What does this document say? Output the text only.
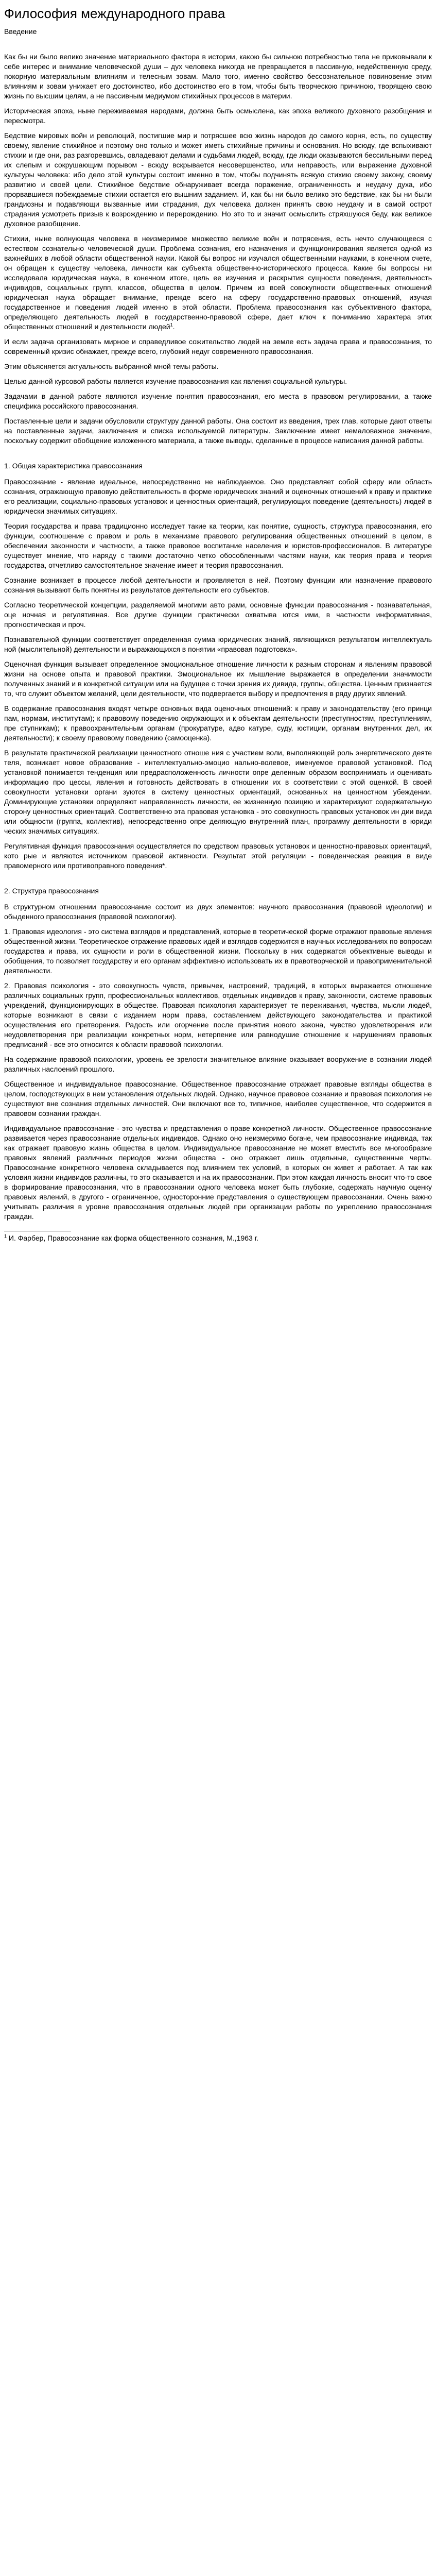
Философия международного права
Введение

Как бы ни было велико значение материального фактора в истории, какою бы сильною потребностью тела не приковывали к себе интерес и внимание человеческой души – дух человека никогда не превращается в пассивную, недейственную среду, покорную материальным влияниям и телесным зовам. Мало того, именно свойство бессознательное повиновение этим влияниям и зовам унижает его достоинство, ибо достоинство его в том, чтобы быть творческою причиною, творящею свою жизнь по высшим целям, а не пассивным медиумом стихийных процессов в материи.

Историческая эпоха, ныне переживаемая народами, должна быть осмыслена, как эпоха великого духовного разобщения и пересмотра.

Бедствие мировых войн и революций, постигшие мир и потрясшее всю жизнь народов до самого корня, есть, по существу своему, явление стихийное и поэтому оно только и может иметь стихийные причины и основания. Но всюду, где вспыхивают стихии и где они, раз разгоревшись, овладевают делами и судьбами людей, всюду, где люди оказываются бессильными перед их слепым и сокрушающим порывом - всюду вскрывается несовершенство, или неправость, или выражение духовной культуры человека: ибо дело этой культуры состоит именно в том, чтобы подчинять всякую стихию своему закону, своему развитию и своей цели. Стихийное бедствие обнаруживает всегда поражение, ограниченность и неудачу духа, ибо прорвавшиеся побеждаемые стихии остается его вышним заданием. И, как бы ни было велико это бедствие, как бы ни были грандиозны и подавляющи вызванные ими страдания, дух человека должен принять свою неудачу и в самой острот страдания усмотреть призыв к возрождению и перерождению. Но это то и значит осмыслить стряхшуюся беду, как великое духовное разобщение.

Стихии, ныне волнующая человека в неизмеримое множество великие войн и потрясения, есть нечто случающееся с естеством сознательно человеческой души. Проблема сознания, его назначения и функционирования является одной из важнейших в любой области общественной науки. Какой бы вопрос ни изучался общественными науками, в конечном счете, он обращен к существу человека, личности как субъекта общественно-исторического процесса. Какие бы вопросы ни исследовала юридическая наука, в конечном итоге, цель ее изучения и раскрытия сущности поведения, деятельность индивидов, социальных групп, классов, общества в целом. Причем из всей совокупности общественных отношений юридическая наука обращает внимание, прежде всего на сферу государственно-правовых отношений, изучая государственное и поведения людей именно в этой области. Проблема правосознания как субъективного фактора, определяющего деятельность людей в государственно-правовой сфере, дает ключ к пониманию характера этих общественных отношений и деятельности людей$^1$.

И если задача организовать мирное и справедливое сожительство людей на земле есть задача права и правосознания, то современный кризис обнажает, прежде всего, глубокий недуг современного правосознания.

Этим объясняется актуальность выбранной мной темы работы.

Целью данной курсовой работы является изучение правосознания как явления социальной культуры.

Задачами в данной работе являются изучение понятия правосознания, его места в правовом регулировании, а также специфика российского правосознания.

Поставленные цели и задачи обусловили структуру данной работы. Она состоит из введения, трех глав, которые дают ответы на поставленные задачи, заключения и списка используемой литературы. Заключение имеет немаловажное значение, поскольку содержит обобщение изложенного материала, а также выводы, сделанные в процессе написания данной работы.

1. Общая характеристика правосознания

Правосознание - явление идеальное, непосредственно не наблюдаемое. Оно представляет собой сферу или область сознания, отражающую правовую действительность в форме юридических знаний и оценочных отношений к праву и практике его реализации, социально-правовых установок и ценностных ориентаций, регулирующих поведение (деятельность) людей в юридически значимых ситуациях.

Теория государства и права традиционно исследует такие ка теории, как понятие, сущность, структура правосознания, его функции, соотношение с правом и роль в механизме правового регулирования общественных отношений в целом, в обеспечении законности и частности, а также правовое воспитание населения и юристов-профессионалов. В литературе существует мнение, что наряду с такими достаточно четко обособленными частями науки, как теория права и теория государства, отчетливо самостоятельное значение имеет и теория правосознания.

Сознание возникает в процессе любой деятельности и проявляется в ней. Поэтому функции или назначение правового сознания вызывают быть понятны из результатов деятельности его субъектов.

Согласно теоретической концепции, разделяемой многими авто рами, основные функции правосознания - познавательная, оце ночная и регулятивная. Все другие функции практически охватыва ются ими, в частности информативная, прогностическая и проч.

Познавательной функции соответствует определенная сумма юридических знаний, являющихся результатом интеллектуаль ной (мыслительной) деятельности и выражающихся в понятии «правовая подготовка».

Оценочная функция вызывает определенное эмоциональное отношение личности к разным сторонам и явлениям правовой жизни на основе опыта и правовой практики. Эмоциональное их мышление выражается в определении значимости полученных знаний и в конкретной ситуации или на будущее с точки зрения их дивида, группы, общества. Ценным признается то, что служит объектом желаний, цели деятельности, что подвергается выбору и предпочтения в ряду других явлений.

В содержание правосознания входят четыре основных вида оценочных отношений: к праву и законодательству (его принци пам, нормам, институтам); к правовому поведению окружающих и к объектам деятельности (преступностям, преступлениям, пре ступникам); к правоохранительным органам (прокуратуре, адво катуре, суду, юстиции, органам внутренних дел, их деятельности); к своему правовому поведению (самооценка).

В результате практической реализации ценностного отноше ния с участием воли, выполняющей роль энергетического деяте теля, возникает новое образование - интеллектуально-эмоцио нально-волевое, именуемое правовой установкой. Под установкой понимается тенденция или предрасположенность личности опре деленным образом воспринимать и оценивать информацию про цессы, явления и готовность действовать в отношении их в соответствии с этой оценкой. В своей совокупности установки органи зуются в систему ценностных ориентаций, основанных на ценностном убеждении. Доминирующие установки определяют направленность личности, ее жизненную позицию и характеризуют содержательную сторону ценностных ориентаций. Соответственно эта правовая установка - это совокупность правовых установок ин дии вида или общности (группа, коллектив), непосредственно опре деляющую внутренний план, программу деятельности в юриди ческих значимых ситуациях.

Регулятивная функция правосознания осуществляется по средством правовых установок и ценностно-правовых ориентаций, кото рые и являются источником правовой активности. Результат этой регуляции - поведенческая реакция в виде правомерного или противоправного поведения*.

2. Структура правосознания

В структурном отношении правосознание состоит из двух элементов: научного правосознания (правовой идеологии) и обыденного правосознания (правовой психологии).

1. Правовая идеология - это система взглядов и представлений, которые в теоретической форме отражают правовые явления общественной жизни. Теоретическое отражение правовых идей и взглядов содержится в научных исследованиях по вопросам государства и права, их сущности и роли в общественной жизни. Поскольку в них содержатся объективные выводы и обобщения, то позволяет государству и его органам эффективно использовать их в правотворческой и правоприменительной деятельности.

2. Правовая психология - это совокупность чувств, привычек, настроений, традиций, в которых выражается отношение различных социальных групп, профессиональных коллективов, отдельных индивидов к праву, законности, системе правовых учреждений, функционирующих в обществе. Правовая психология характеризует те переживания, чувства, мысли людей, которые возникают в связи с изданием норм права, составлением действующего законодательства и практикой осуществления его претворения. Радость или огорчение после принятия нового закона, чувство удовлетворения или неудовлетворения при реализации конкретных норм, нетерпение или равнодушие отношение к нарушениям правовых предписаний - все это относится к области правовой психологии.

На содержание правовой психологии, уровень ее зрелости значительное влияние оказывает вооружение в сознании людей различных наслоений прошлого.

Общественное и индивидуальное правосознание. Общественное правосознание отражает правовые взгляды общества в целом, господствующих в нем установления отдельных людей. Однако, научное правовое сознание и правовая психология не существуют вне сознания отдельных личностей. Они включают все то, типичное, наиболее существенное, что содержится в правовом сознании граждан.

Индивидуальное правосознание - это чувства и представления о праве конкретной личности. Общественное правосознание развивается через правосознание отдельных индивидов. Однако оно неизмеримо богаче, чем правосознание индивида, так как отражает правовую жизнь общества в целом. Индивидуальное правосознание не может вместить все многообразие правовых явлений различных периодов жизни общества - оно отражает лишь отдельные, существенные черты. Правосознание конкретного человека складывается под влиянием тех условий, в которых он живет и работает. А так как условия жизни индивидов различны, то это сказывается и на их правосознании. При этом каждая личность вносит что-то свое в формирование правосознания, что в правосознании одного человека может быть глубокие, содержать научную оценку правовых явлений, в другого - ограниченное, односторонние представления о существующем правосознании. Очень важно учитывать различия в уровне правосознания отдельных людей при организации работы по укреплению правосознания граждан.

$^1$ И. Фарбер, Правосознание как форма общественного сознания, М.,1963 г.
